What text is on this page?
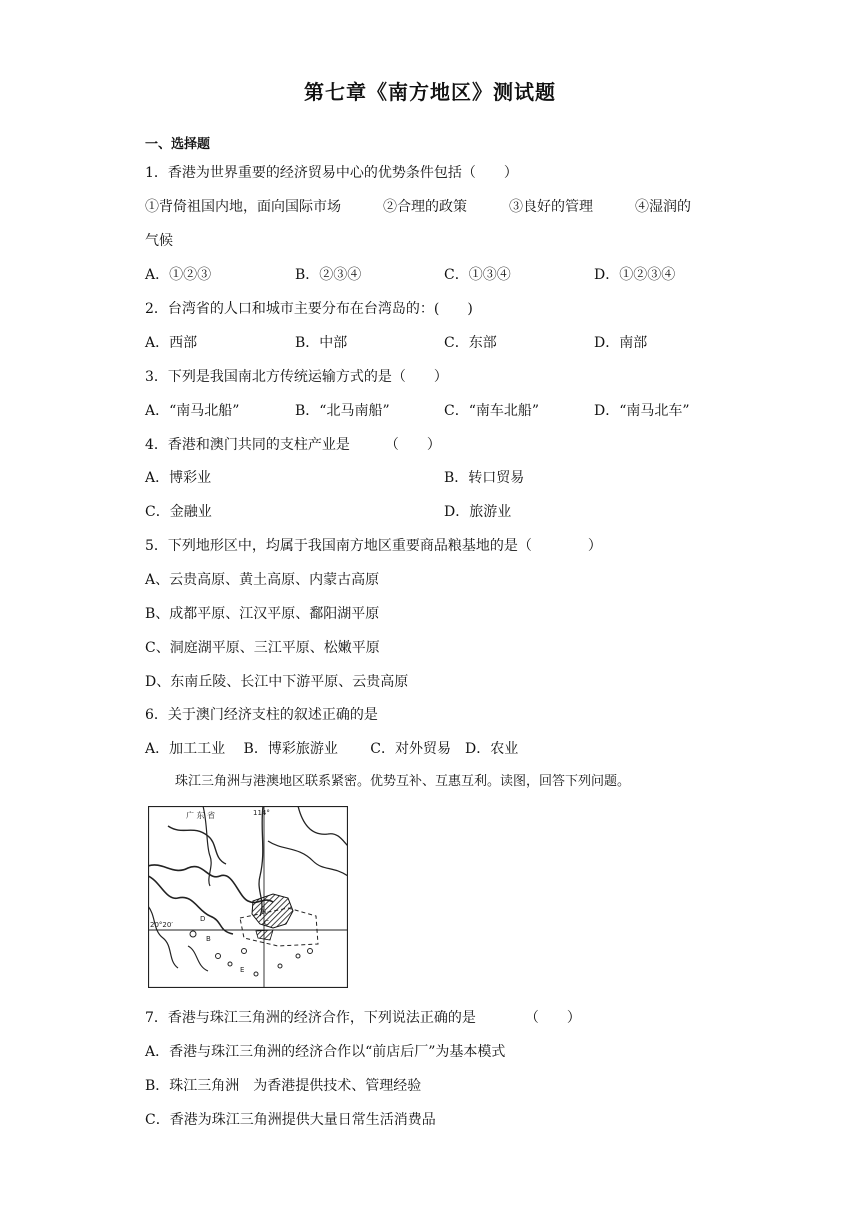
第七章《南方地区》测试题
一、选择题
1．香港为世界重要的经济贸易中心的优势条件包括（　　）
①背倚祖国内地，面向国际市场　　　②合理的政策　　　③良好的管理　　　④湿润的
气候
A．①②③	B．②③④	C．①③④	D．①②③④
2．台湾省的人口和城市主要分布在台湾岛的：(　　)
A．西部	B．中部	C．东部	D．南部
3．下列是我国南北方传统运输方式的是（　　）
A．“南马北船”	B．“北马南船”	C．“南车北船”	D．“南马北车”
4．香港和澳门共同的支柱产业是　　　（　　）
A．博彩业	B．转口贸易
C．金融业	D．旅游业
5．下列地形区中，均属于我国南方地区重要商品粮基地的是（　　　　）
A、云贵高原、黄土高原、内蒙古高原
B、成都平原、江汉平原、鄱阳湖平原
C、洞庭湖平原、三江平原、松嫩平原
D、东南丘陵、长江中下游平原、云贵高原
6．关于澳门经济支柱的叙述正确的是
A．加工工业　 B．博彩旅游业　　 C．对外贸易　D．农业
珠江三角洲与港澳地区联系紧密。优势互补、互惠互利。读图，回答下列问题。
广 东 省	114°
20°20′
A
B
C
D
E
7．香港与珠江三角洲的经济合作，下列说法正确的是　　　　（　　）
A．香港与珠江三角洲的经济合作以“前店后厂”为基本模式
B．珠江三角洲　为香港提供技术、管理经验
C．香港为珠江三角洲提供大量日常生活消费品
